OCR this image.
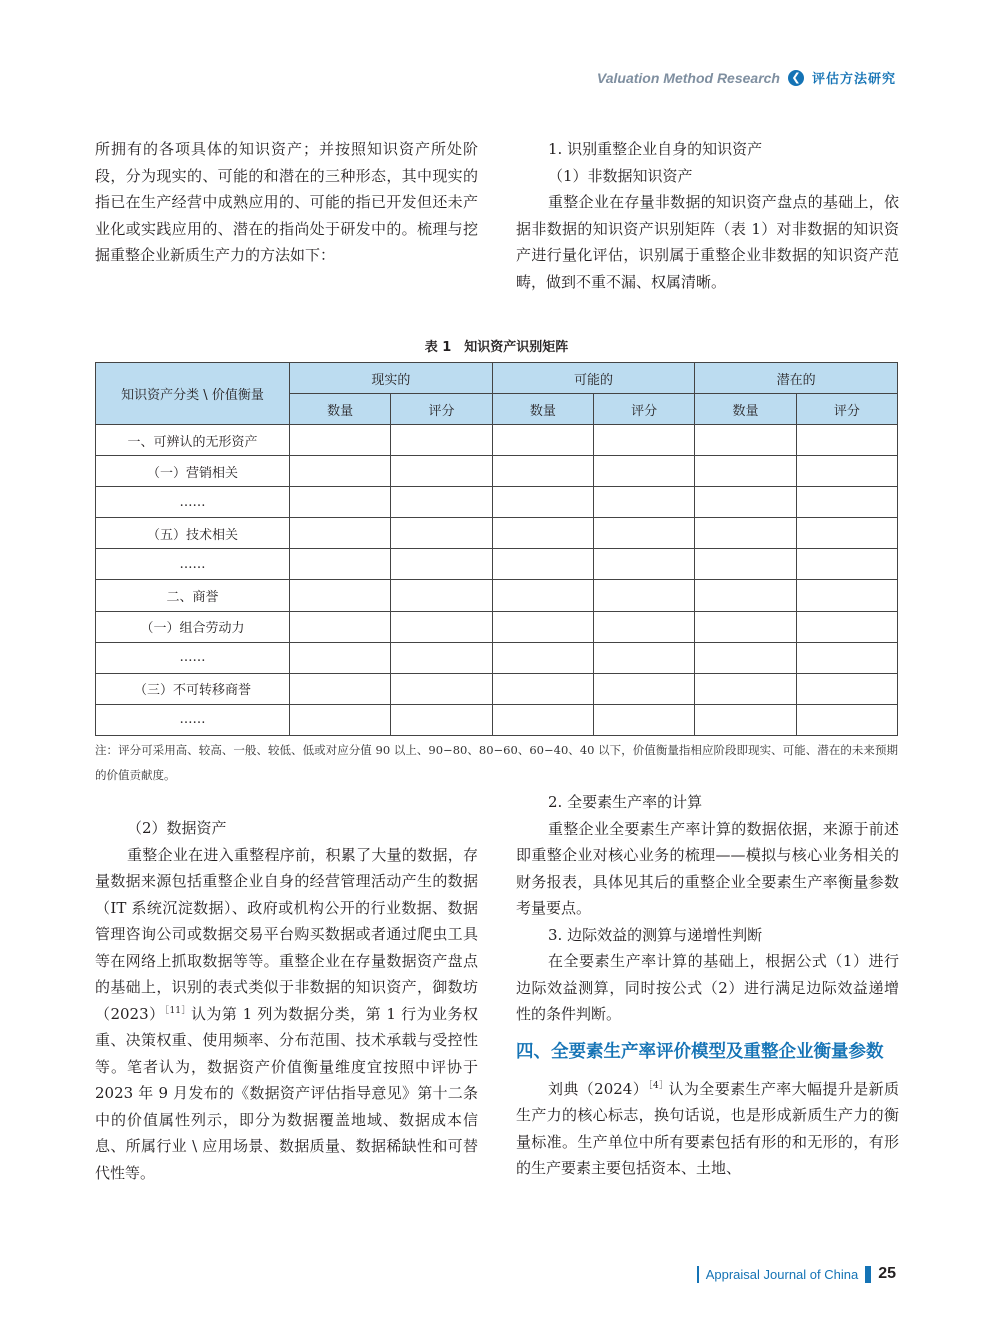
Valuation Method Research	❮ 评估方法研究

所拥有的各项具体的知识资产；并按照知识资产所处阶段，分为现实的、可能的和潜在的三种形态，其中现实的指已在生产经营中成熟应用的、可能的指已开发但还未产业化或实践应用的、潜在的指尚处于研发中的。梳理与挖掘重整企业新质生产力的方法如下：

1. 识别重整企业自身的知识资产

（1）非数据知识资产

重整企业在存量非数据的知识资产盘点的基础上，依据非数据的知识资产识别矩阵（表 1）对非数据的知识资产进行量化评估，识别属于重整企业非数据的知识资产范畴，做到不重不漏、权属清晰。

表 1　知识资产识别矩阵
知识资产分类 \ 价值衡量	现实的		可能的		潜在的	
	数量	评分	数量	评分	数量	评分
一、可辨认的无形资产						
（一）营销相关						
……						
（五）技术相关						
……						
二、商誉						
（一）组合劳动力						
……						
（三）不可转移商誉						
……						
注：评分可采用高、较高、一般、较低、低或对应分值 90 以上、90−80、80−60、60−40、40 以下，价值衡量指相应阶段即现实、可能、潜在的未来预期的价值贡献度。

（2）数据资产

重整企业在进入重整程序前，积累了大量的数据，存量数据来源包括重整企业自身的经营管理活动产生的数据（IT 系统沉淀数据）、政府或机构公开的行业数据、数据管理咨询公司或数据交易平台购买数据或者通过爬虫工具等在网络上抓取数据等等。重整企业在存量数据资产盘点的基础上，识别的表式类似于非数据的知识资产，御数坊$(2023)^{[11]}$认为第 1 列为数据分类，第 1 行为业务权重、决策权重、使用频率、分布范围、技术承载与受控性等。笔者认为，数据资产价值衡量维度宜按照中评协于 2023 年 9 月发布的《数据资产评估指导意见》第十二条中的价值属性列示，即分为数据覆盖地域、数据成本信息、所属行业 \ 应用场景、数据质量、数据稀缺性和可替代性等。

2. 全要素生产率的计算

重整企业全要素生产率计算的数据依据，来源于前述即重整企业对核心业务的梳理——模拟与核心业务相关的财务报表，具体见其后的重整企业全要素生产率衡量参数考量要点。

3. 边际效益的测算与递增性判断

在全要素生产率计算的基础上，根据公式（1）进行边际效益测算，同时按公式（2）进行满足边际效益递增性的条件判断。

四、全要素生产率评价模型及重整企业衡量参数

刘典$(2024)^{[4]}$认为全要素生产率大幅提升是新质生产力的核心标志，换句话说，也是形成新质生产力的衡量标准。生产单位中所有要素包括有形的和无形的，有形的生产要素主要包括资本、土地、

Appraisal Journal of China 25
